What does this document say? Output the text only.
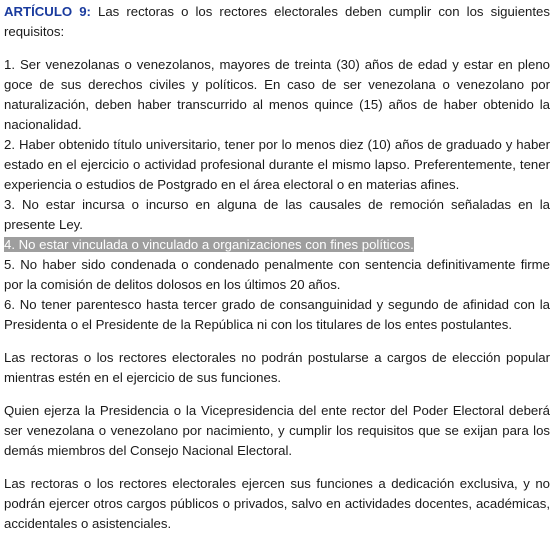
ARTÍCULO 9: Las rectoras o los rectores electorales deben cumplir con los siguientes requisitos:

1. Ser venezolanas o venezolanos, mayores de treinta (30) años de edad y estar en pleno goce de sus derechos civiles y políticos. En caso de ser venezolana o venezolano por naturalización, deben haber transcurrido al menos quince (15) años de haber obtenido la nacionalidad.

2. Haber obtenido título universitario, tener por lo menos diez (10) años de graduado y haber estado en el ejercicio o actividad profesional durante el mismo lapso. Preferentemente, tener experiencia o estudios de Postgrado en el área electoral o en materias afines.

3. No estar incursa o incurso en alguna de las causales de remoción señaladas en la presente Ley.

4. No estar vinculada o vinculado a organizaciones con fines políticos.

5. No haber sido condenada o condenado penalmente con sentencia definitivamente firme por la comisión de delitos dolosos en los últimos 20 años.

6. No tener parentesco hasta tercer grado de consanguinidad y segundo de afinidad con la Presidenta o el Presidente de la República ni con los titulares de los entes postulantes.

Las rectoras o los rectores electorales no podrán postularse a cargos de elección popular mientras estén en el ejercicio de sus funciones.

Quien ejerza la Presidencia o la Vicepresidencia del ente rector del Poder Electoral deberá ser venezolana o venezolano por nacimiento, y cumplir los requisitos que se exijan para los demás miembros del Consejo Nacional Electoral.

Las rectoras o los rectores electorales ejercen sus funciones a dedicación exclusiva, y no podrán ejercer otros cargos públicos o privados, salvo en actividades docentes, académicas, accidentales o asistenciales.
